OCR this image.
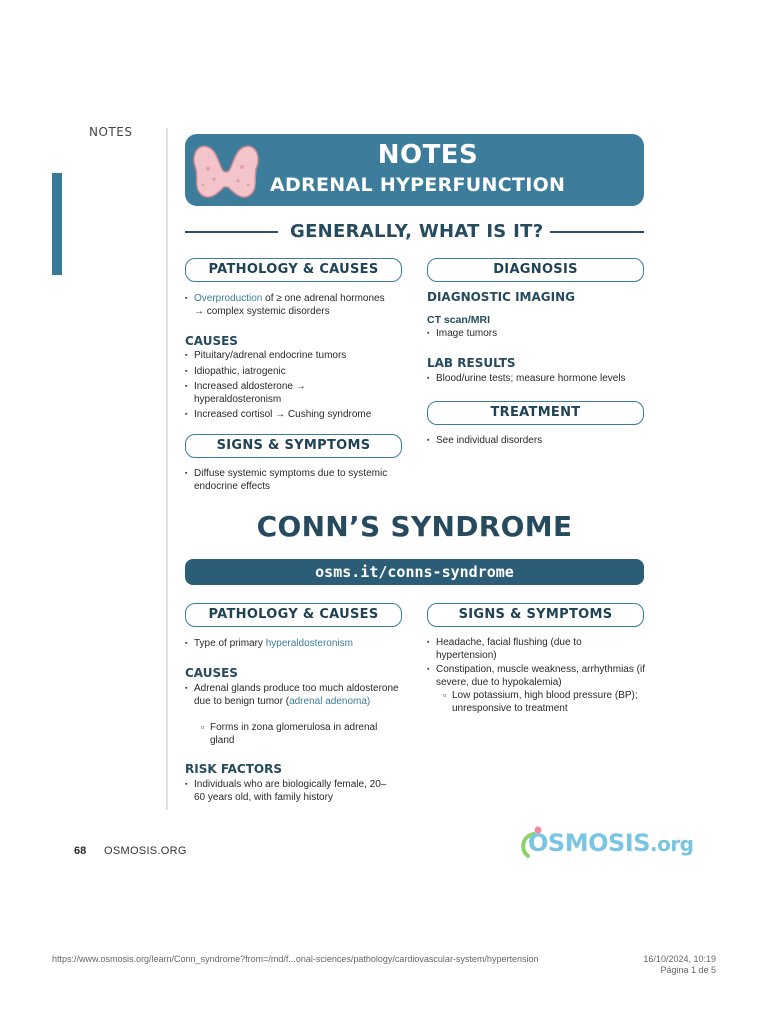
NOTES
NOTES
ADRENAL HYPERFUNCTION
GENERALLY, WHAT IS IT?
PATHOLOGY & CAUSES
▪ Overproduction of ≥ one adrenal hormones
→ complex systemic disorders
CAUSES
▪ Pituitary/adrenal endocrine tumors
▪ Idiopathic, iatrogenic
▪ Increased aldosterone → hyperaldosteronism
▪ Increased cortisol → Cushing syndrome
SIGNS & SYMPTOMS
▪ Diffuse systemic symptoms due to systemic endocrine effects
DIAGNOSIS
DIAGNOSTIC IMAGING
CT scan/MRI
▪ Image tumors
LAB RESULTS
▪ Blood/urine tests; measure hormone levels
TREATMENT
▪ See individual disorders
CONN’S SYNDROME
osms.it/conns-syndrome
PATHOLOGY & CAUSES
▪ Type of primary hyperaldosteronism
CAUSES
▪ Adrenal glands produce too much aldosterone due to benign tumor (adrenal adenoma)
▫ Forms in zona glomerulosa in adrenal gland
RISK FACTORS
▪ Individuals who are biologically female, 20–60 years old, with family history
SIGNS & SYMPTOMS
▪ Headache, facial flushing (due to hypertension)
▪ Constipation, muscle weakness, arrhythmias (if severe, due to hypokalemia)
▫ Low potassium, high blood pressure (BP); unresponsive to treatment
68 OSMOSIS.ORG	OSMOSIS.org
https://www.osmosis.org/learn/Conn_syndrome?from=/md/f...onal-sciences/pathology/cardiovascular-system/hypertension	16/10/2024, 10:19
Página 1 de 5
